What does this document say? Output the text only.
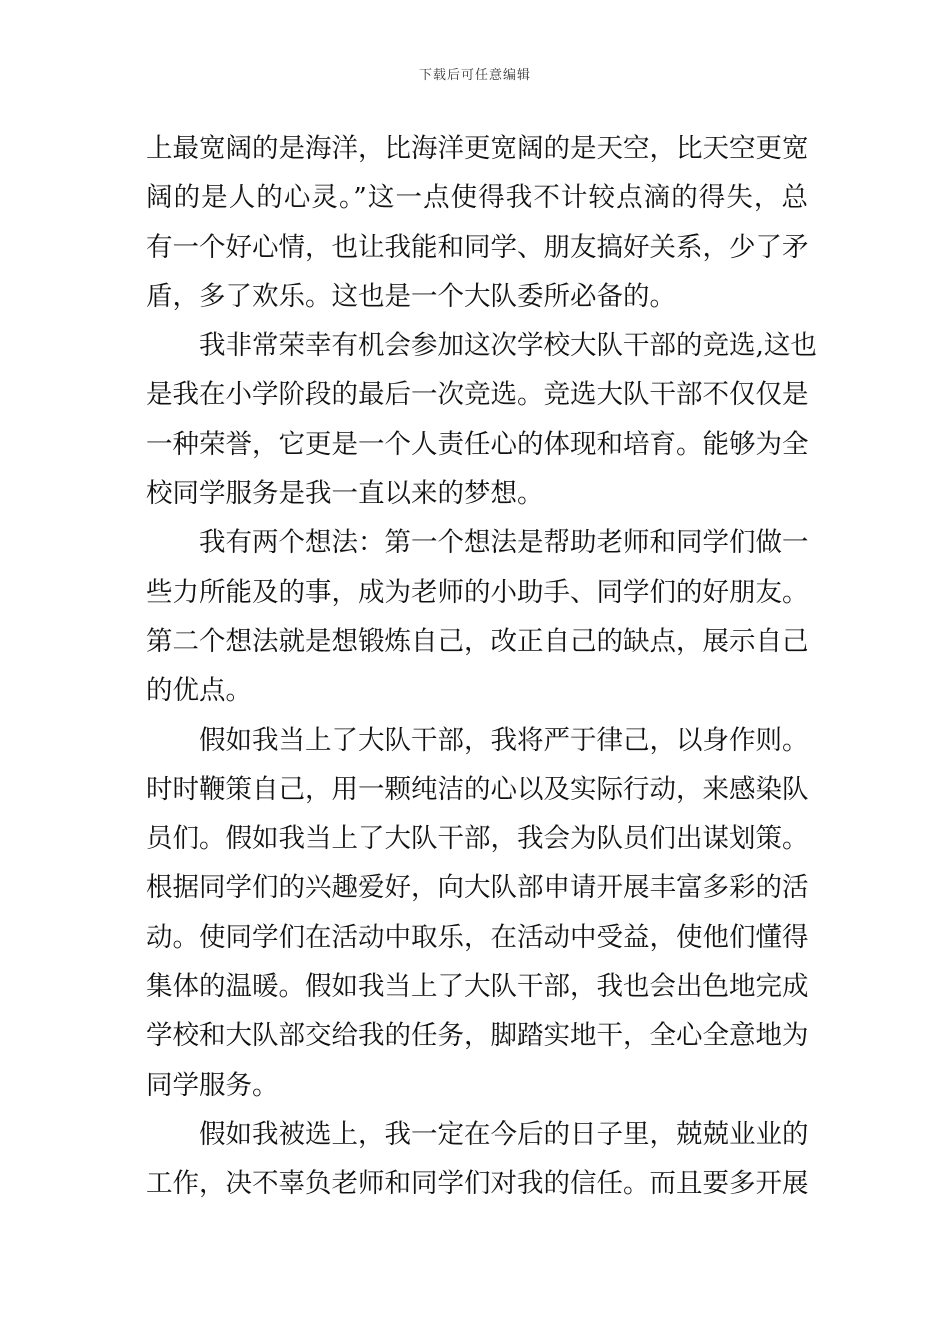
下载后可任意编辑
上最宽阔的是海洋，比海洋更宽阔的是天空，比天空更宽
阔的是人的心灵。”这一点使得我不计较点滴的得失，总
有一个好心情，也让我能和同学、朋友搞好关系，少了矛
盾，多了欢乐。这也是一个大队委所必备的。
我非常荣幸有机会参加这次学校大队干部的竞选,这也
是我在小学阶段的最后一次竞选。竞选大队干部不仅仅是
一种荣誉，它更是一个人责任心的体现和培育。能够为全
校同学服务是我一直以来的梦想。
我有两个想法：第一个想法是帮助老师和同学们做一
些力所能及的事，成为老师的小助手、同学们的好朋友。
第二个想法就是想锻炼自己，改正自己的缺点，展示自己
的优点。
假如我当上了大队干部，我将严于律己，以身作则。
时时鞭策自己，用一颗纯洁的心以及实际行动，来感染队
员们。假如我当上了大队干部，我会为队员们出谋划策。
根据同学们的兴趣爱好，向大队部申请开展丰富多彩的活
动。使同学们在活动中取乐，在活动中受益，使他们懂得
集体的温暖。假如我当上了大队干部，我也会出色地完成
学校和大队部交给我的任务，脚踏实地干，全心全意地为
同学服务。
假如我被选上，我一定在今后的日子里，兢兢业业的
工作，决不辜负老师和同学们对我的信任。而且要多开展
